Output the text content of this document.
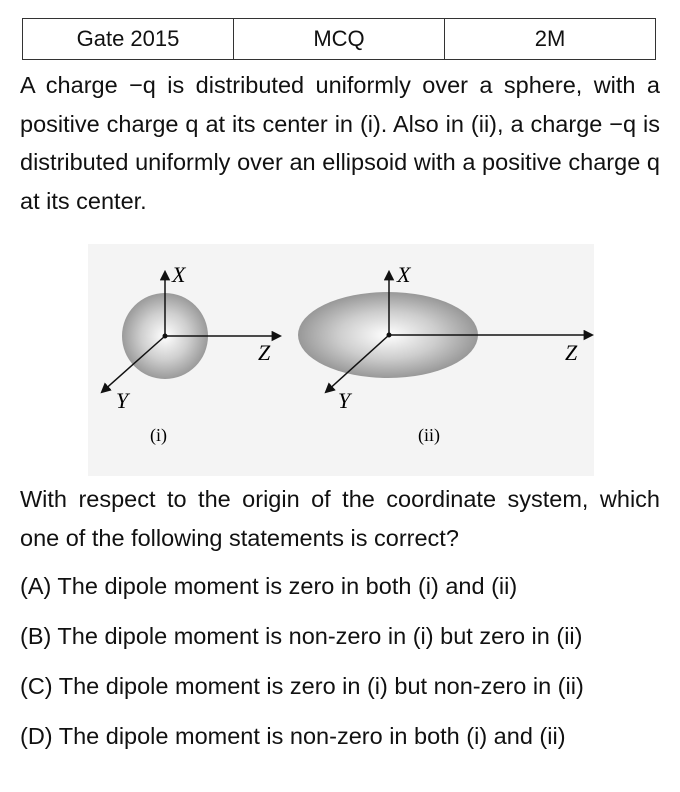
Gate 2015	MCQ	2M

A charge −q is distributed uniformly over a sphere, with a positive charge q at its center in (i). Also in (ii), a charge −q is distributed uniformly over an ellipsoid with a positive charge q at its center.

X
Z
Y
(i)
X
Z
Y
(ii)

With respect to the origin of the coordinate system, which one of the following statements is correct?

(A) The dipole moment is zero in both (i) and (ii)
(B) The dipole moment is non-zero in (i) but zero in (ii)
(C) The dipole moment is zero in (i) but non-zero in (ii)
(D) The dipole moment is non-zero in both (i) and (ii)
